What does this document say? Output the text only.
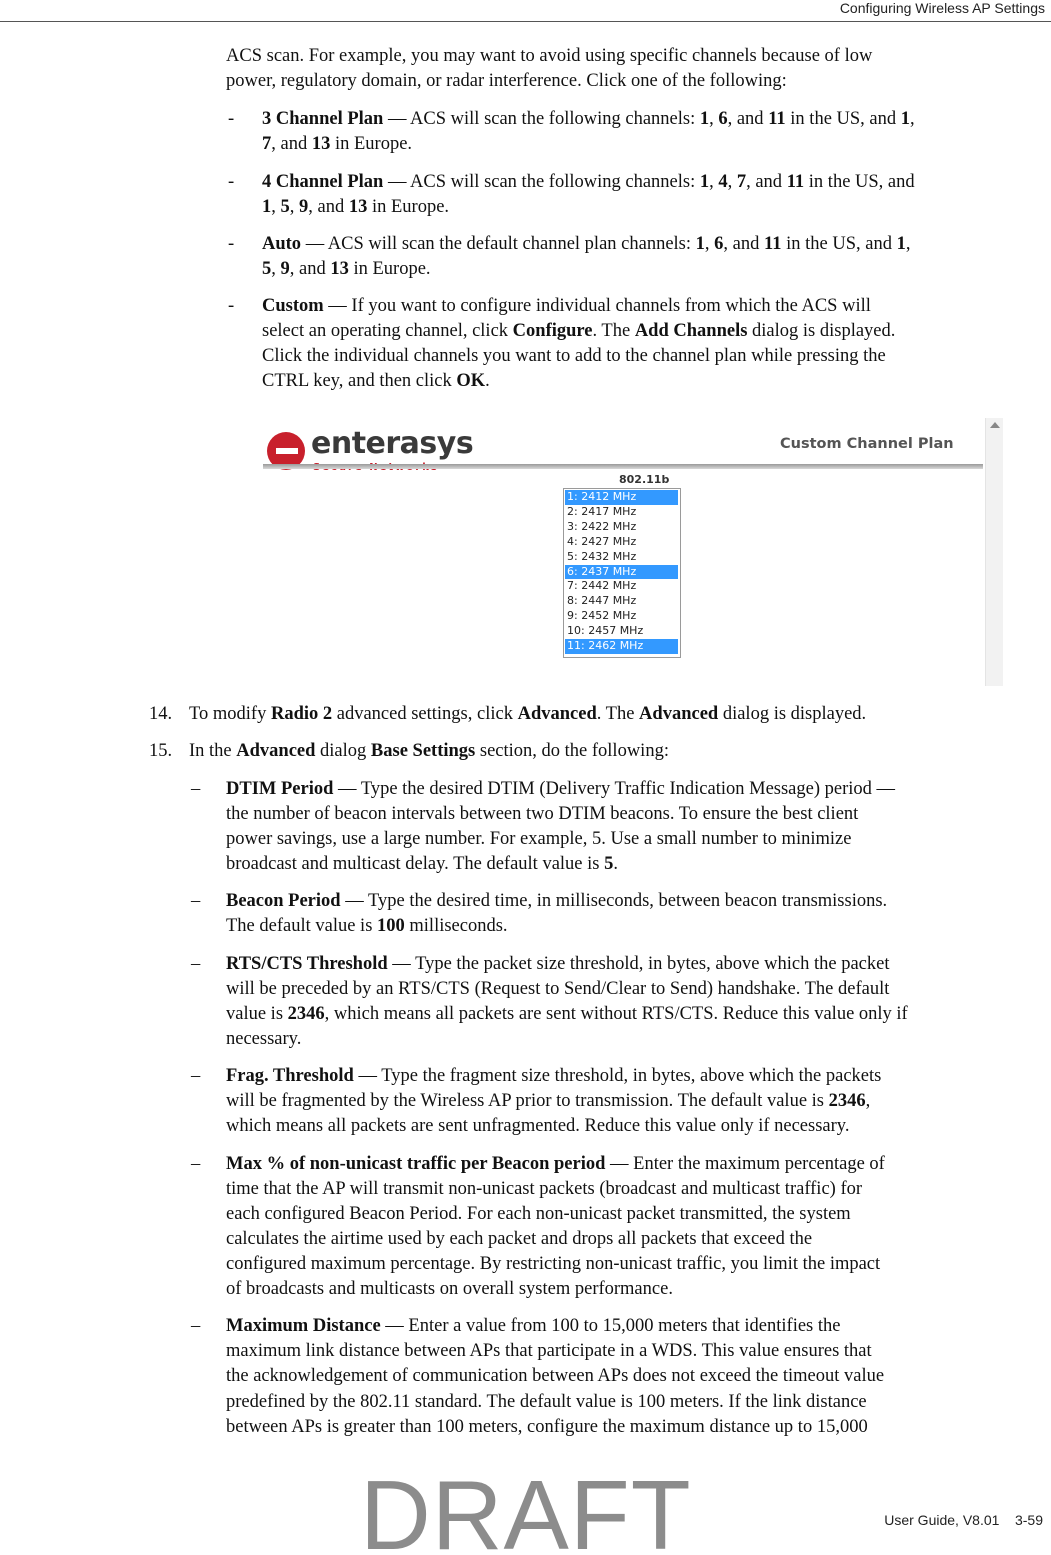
Configuring Wireless AP Settings
ACS scan. For example, you may want to avoid using specific channels because of low
power, regulatory domain, or radar interference. Click one of the following:
- 3 Channel Plan — ACS will scan the following channels: 1, 6, and 11 in the US, and 1,
7, and 13 in Europe.
- 4 Channel Plan — ACS will scan the following channels: 1, 4, 7, and 11 in the US, and
1, 5, 9, and 13 in Europe.
- Auto — ACS will scan the default channel plan channels: 1, 6, and 11 in the US, and 1,
5, 9, and 13 in Europe.
- Custom — If you want to configure individual channels from which the ACS will
select an operating channel, click Configure. The Add Channels dialog is displayed.
Click the individual channels you want to add to the channel plan while pressing the
CTRL key, and then click OK.
enterasys	Custom Channel Plan
802.11b
1: 2412 MHz
2: 2417 MHz
3: 2422 MHz
4: 2427 MHz
5: 2432 MHz
6: 2437 MHz
7: 2442 MHz
8: 2447 MHz
9: 2452 MHz
10: 2457 MHz
11: 2462 MHz
14. To modify Radio 2 advanced settings, click Advanced. The Advanced dialog is displayed.
15. In the Advanced dialog Base Settings section, do the following:
– DTIM Period — Type the desired DTIM (Delivery Traffic Indication Message) period —
the number of beacon intervals between two DTIM beacons. To ensure the best client
power savings, use a large number. For example, 5. Use a small number to minimize
broadcast and multicast delay. The default value is 5.
– Beacon Period — Type the desired time, in milliseconds, between beacon transmissions.
The default value is 100 milliseconds.
– RTS/CTS Threshold — Type the packet size threshold, in bytes, above which the packet
will be preceded by an RTS/CTS (Request to Send/Clear to Send) handshake. The default
value is 2346, which means all packets are sent without RTS/CTS. Reduce this value only if
necessary.
– Frag. Threshold — Type the fragment size threshold, in bytes, above which the packets
will be fragmented by the Wireless AP prior to transmission. The default value is 2346,
which means all packets are sent unfragmented. Reduce this value only if necessary.
– Max % of non-unicast traffic per Beacon period — Enter the maximum percentage of
time that the AP will transmit non-unicast packets (broadcast and multicast traffic) for
each configured Beacon Period. For each non-unicast packet transmitted, the system
calculates the airtime used by each packet and drops all packets that exceed the
configured maximum percentage. By restricting non-unicast traffic, you limit the impact
of broadcasts and multicasts on overall system performance.
– Maximum Distance — Enter a value from 100 to 15,000 meters that identifies the
maximum link distance between APs that participate in a WDS. This value ensures that
the acknowledgement of communication between APs does not exceed the timeout value
predefined by the 802.11 standard. The default value is 100 meters. If the link distance
between APs is greater than 100 meters, configure the maximum distance up to 15,000
User Guide, V8.01    3-59
DRAFT
